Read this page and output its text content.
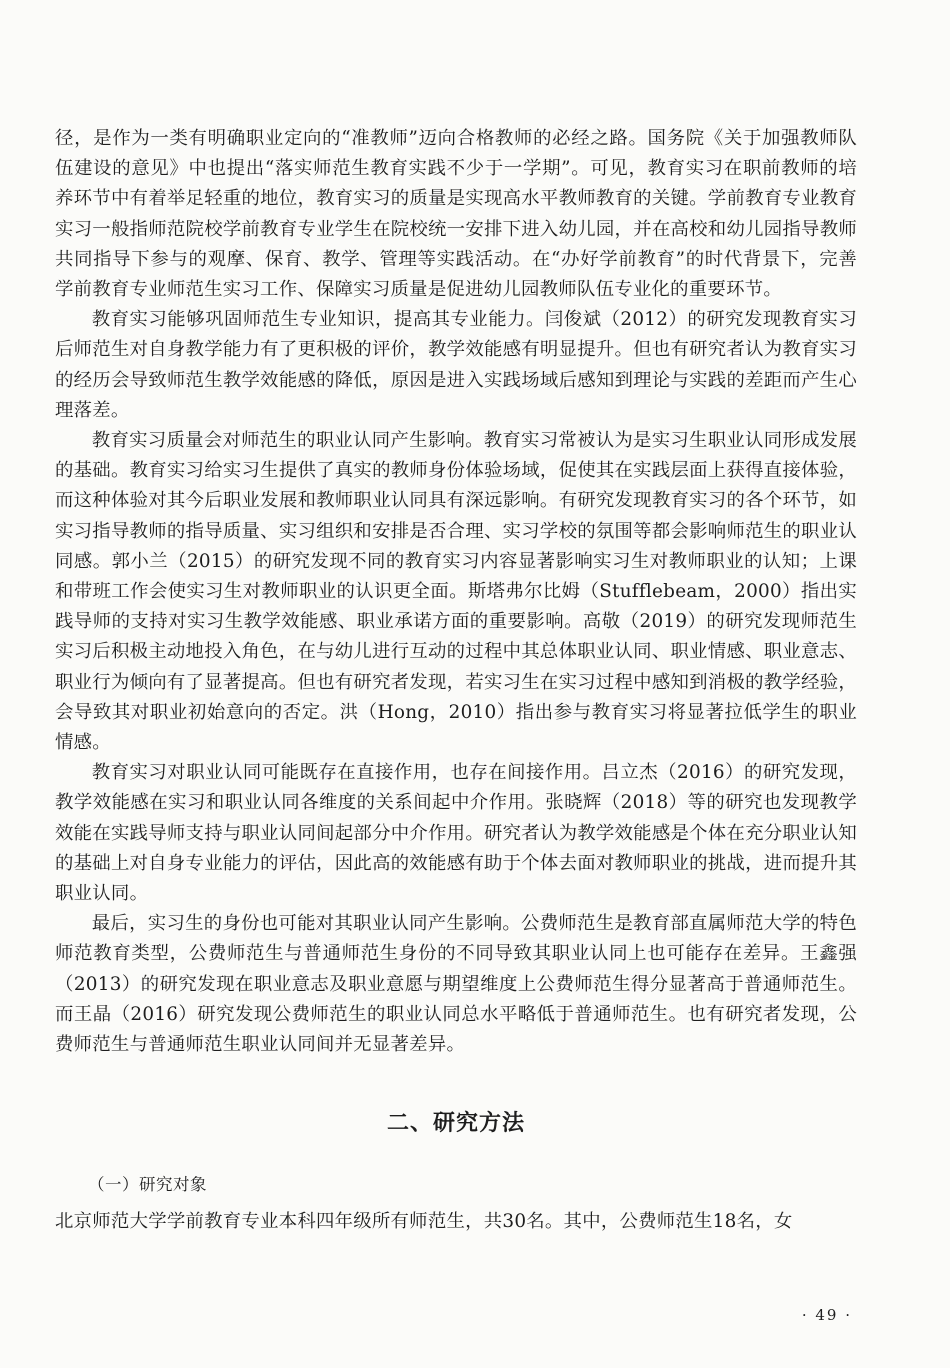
径，是作为一类有明确职业定向的“准教师”迈向合格教师的必经之路。国务院《关于加强教师队伍建设的意见》中也提出“落实师范生教育实践不少于一学期”。可见，教育实习在职前教师的培养环节中有着举足轻重的地位，教育实习的质量是实现高水平教师教育的关键。学前教育专业教育实习一般指师范院校学前教育专业学生在院校统一安排下进入幼儿园，并在高校和幼儿园指导教师共同指导下参与的观摩、保育、教学、管理等实践活动。在“办好学前教育”的时代背景下，完善学前教育专业师范生实习工作、保障实习质量是促进幼儿园教师队伍专业化的重要环节。

教育实习能够巩固师范生专业知识，提高其专业能力。闫俊斌（2012）的研究发现教育实习后师范生对自身教学能力有了更积极的评价，教学效能感有明显提升。但也有研究者认为教育实习的经历会导致师范生教学效能感的降低，原因是进入实践场域后感知到理论与实践的差距而产生心理落差。

教育实习质量会对师范生的职业认同产生影响。教育实习常被认为是实习生职业认同形成发展的基础。教育实习给实习生提供了真实的教师身份体验场域，促使其在实践层面上获得直接体验，而这种体验对其今后职业发展和教师职业认同具有深远影响。有研究发现教育实习的各个环节，如实习指导教师的指导质量、实习组织和安排是否合理、实习学校的氛围等都会影响师范生的职业认同感。郭小兰（2015）的研究发现不同的教育实习内容显著影响实习生对教师职业的认知；上课和带班工作会使实习生对教师职业的认识更全面。斯塔弗尔比姆（Stufflebeam，2000）指出实践导师的支持对实习生教学效能感、职业承诺方面的重要影响。高敬（2019）的研究发现师范生实习后积极主动地投入角色，在与幼儿进行互动的过程中其总体职业认同、职业情感、职业意志、职业行为倾向有了显著提高。但也有研究者发现，若实习生在实习过程中感知到消极的教学经验，会导致其对职业初始意向的否定。洪（Hong，2010）指出参与教育实习将显著拉低学生的职业情感。

教育实习对职业认同可能既存在直接作用，也存在间接作用。吕立杰（2016）的研究发现，教学效能感在实习和职业认同各维度的关系间起中介作用。张晓辉（2018）等的研究也发现教学效能在实践导师支持与职业认同间起部分中介作用。研究者认为教学效能感是个体在充分职业认知的基础上对自身专业能力的评估，因此高的效能感有助于个体去面对教师职业的挑战，进而提升其职业认同。

最后，实习生的身份也可能对其职业认同产生影响。公费师范生是教育部直属师范大学的特色师范教育类型，公费师范生与普通师范生身份的不同导致其职业认同上也可能存在差异。王鑫强（2013）的研究发现在职业意志及职业意愿与期望维度上公费师范生得分显著高于普通师范生。而王晶（2016）研究发现公费师范生的职业认同总水平略低于普通师范生。也有研究者发现，公费师范生与普通师范生职业认同间并无显著差异。

二、研究方法
（一）研究对象

北京师范大学学前教育专业本科四年级所有师范生，共30名。其中，公费师范生18名，女

· 49 ·
